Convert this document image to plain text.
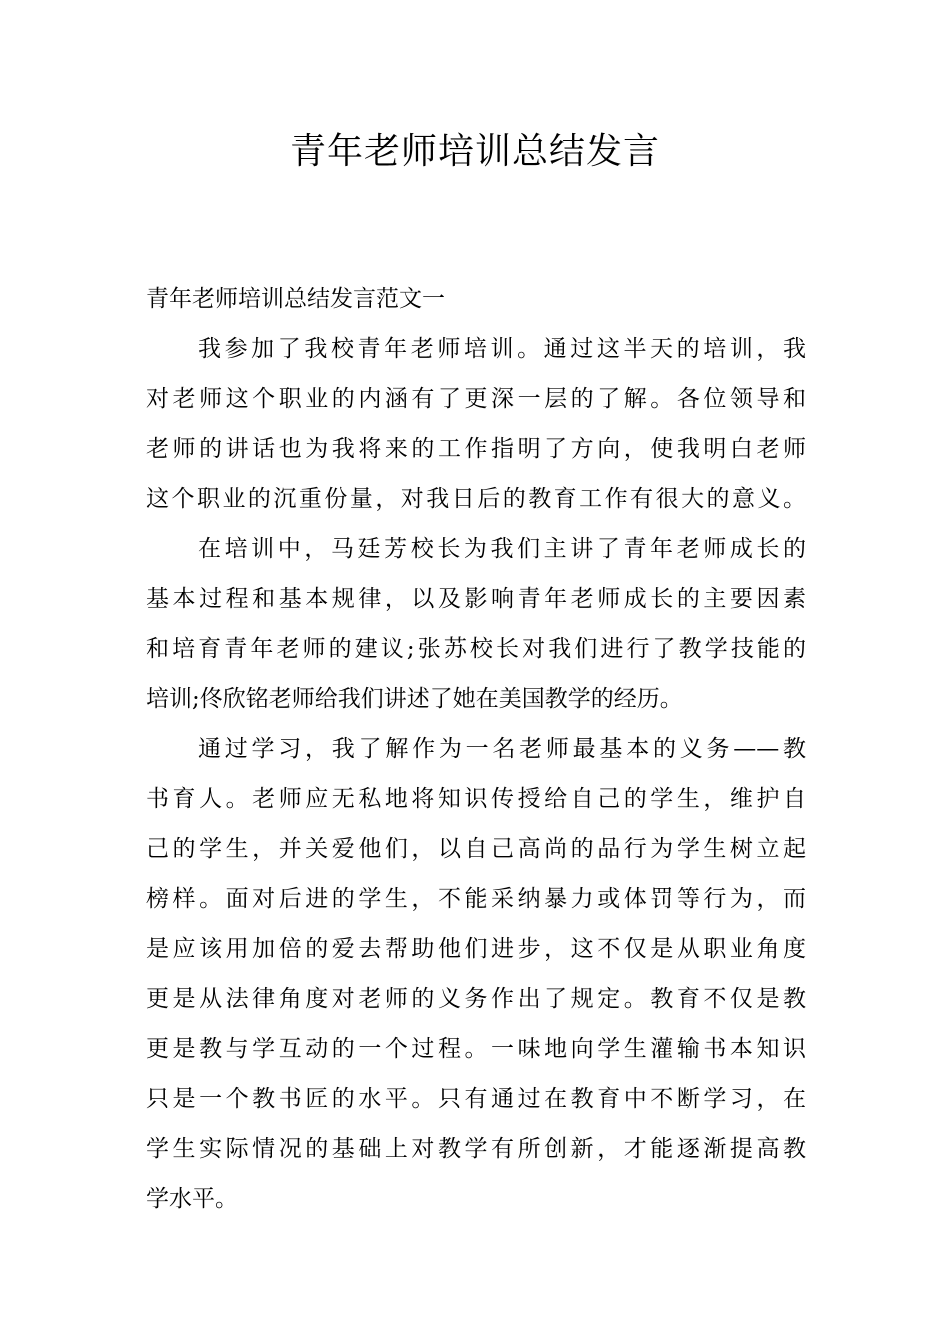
青年老师培训总结发言

青年老师培训总结发言范文一

我参加了我校青年老师培训。通过这半天的培训，我
对老师这个职业的内涵有了更深一层的了解。各位领导和
老师的讲话也为我将来的工作指明了方向，使我明白老师
这个职业的沉重份量，对我日后的教育工作有很大的意义。

在培训中，马廷芳校长为我们主讲了青年老师成长的
基本过程和基本规律，以及影响青年老师成长的主要因素
和培育青年老师的建议;张苏校长对我们进行了教学技能的
培训;佟欣铭老师给我们讲述了她在美国教学的经历。

通过学习，我了解作为一名老师最基本的义务——教
书育人。老师应无私地将知识传授给自己的学生，维护自
己的学生，并关爱他们，以自己高尚的品行为学生树立起
榜样。面对后进的学生，不能采纳暴力或体罚等行为，而
是应该用加倍的爱去帮助他们进步，这不仅是从职业角度
更是从法律角度对老师的义务作出了规定。教育不仅是教
更是教与学互动的一个过程。一味地向学生灌输书本知识
只是一个教书匠的水平。只有通过在教育中不断学习，在
学生实际情况的基础上对教学有所创新，才能逐渐提高教
学水平。
